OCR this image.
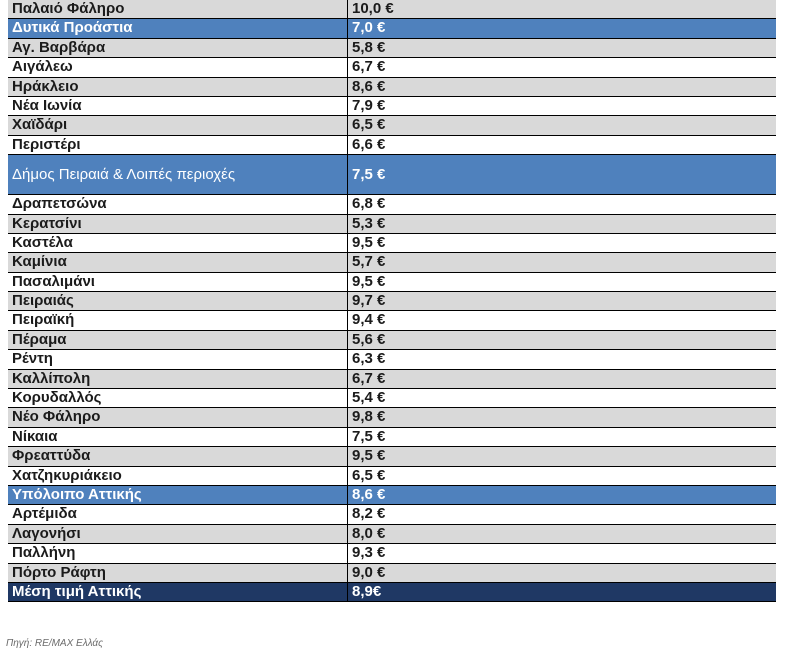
Παλαιό Φάληρο	10,0 €
Δυτικά Προάστια	7,0 €
Αγ. Βαρβάρα	5,8 €
Αιγάλεω	6,7 €
Ηράκλειο	8,6 €
Νέα Ιωνία	7,9 €
Χαϊδάρι	6,5 €
Περιστέρι	6,6 €
Δήμος Πειραιά & Λοιπές περιοχές	7,5 €
Δραπετσώνα	6,8 €
Κερατσίνι	5,3 €
Καστέλα	9,5 €
Καμίνια	5,7 €
Πασαλιμάνι	9,5 €
Πειραιάς	9,7 €
Πειραϊκή	9,4 €
Πέραμα	5,6 €
Ρέντη	6,3 €
Καλλίπολη	6,7 €
Κορυδαλλός	5,4 €
Νέο Φάληρο	9,8 €
Νίκαια	7,5 €
Φρεαττύδα	9,5 €
Χατζηκυριάκειο	6,5 €
Υπόλοιπο Αττικής	8,6 €
Αρτέμιδα	8,2 €
Λαγονήσι	8,0 €
Παλλήνη	9,3 €
Πόρτο Ράφτη	9,0 €
Μέση τιμή Αττικής	8,9€
Πηγή: RE/MAX Ελλάς
